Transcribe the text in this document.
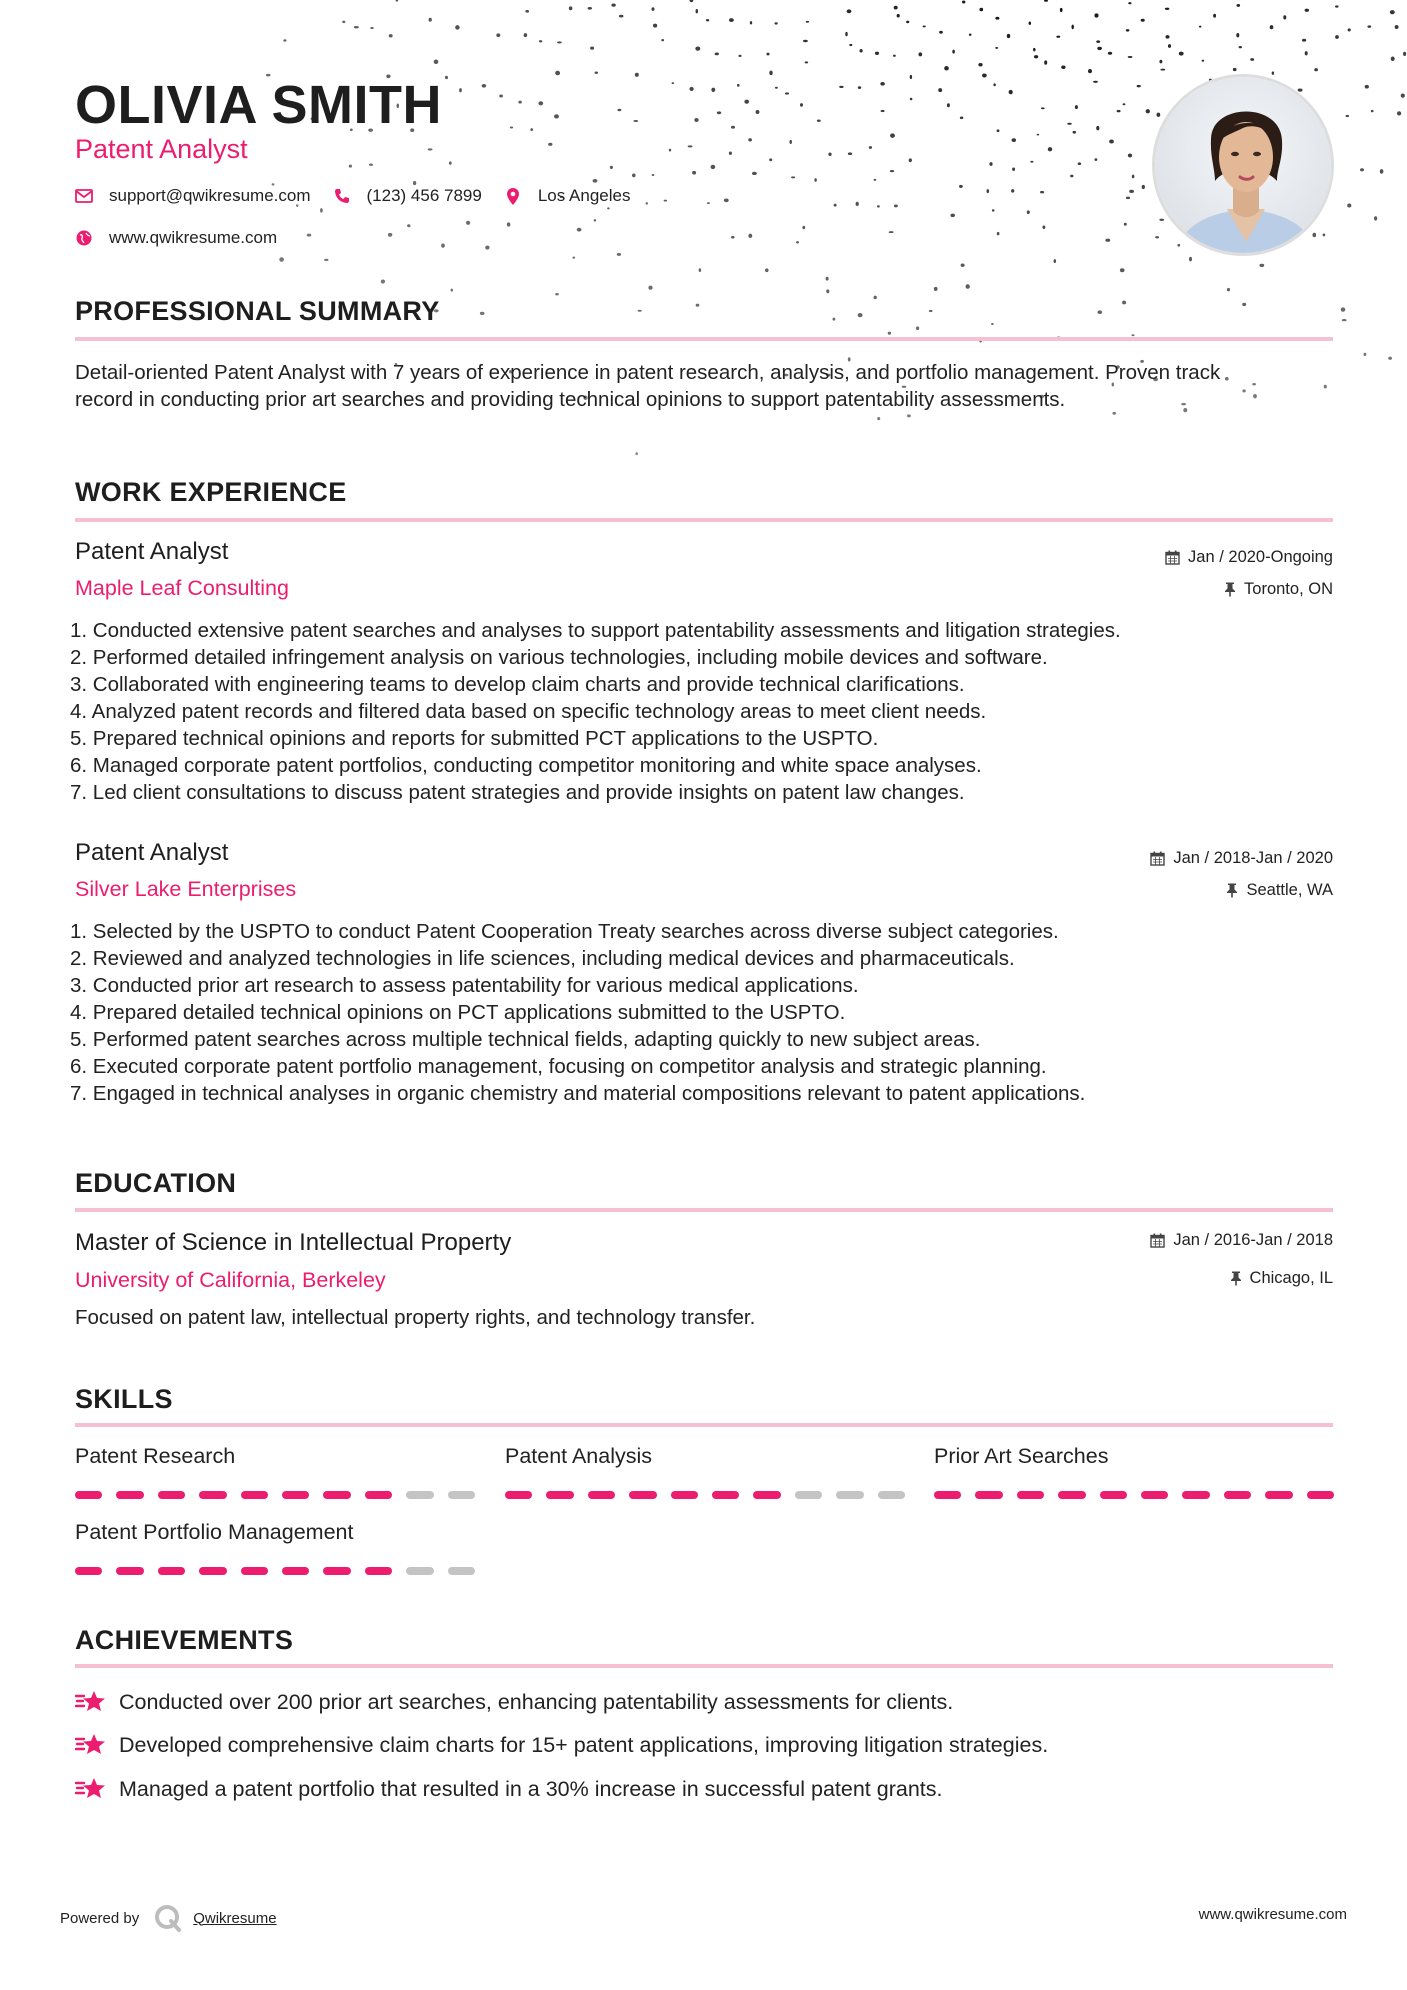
OLIVIA SMITH
Patent Analyst
support@qwikresume.com	(123) 456 7899	Los Angeles
www.qwikresume.com
PROFESSIONAL SUMMARY
Detail-oriented Patent Analyst with 7 years of experience in patent research, analysis, and portfolio management. Proven track record in conducting prior art searches and providing technical opinions to support patentability assessments.
WORK EXPERIENCE
Patent Analyst	Jan / 2020-Ongoing
Maple Leaf Consulting	Toronto, ON
1. Conducted extensive patent searches and analyses to support patentability assessments and litigation strategies.
2. Performed detailed infringement analysis on various technologies, including mobile devices and software.
3. Collaborated with engineering teams to develop claim charts and provide technical clarifications.
4. Analyzed patent records and filtered data based on specific technology areas to meet client needs.
5. Prepared technical opinions and reports for submitted PCT applications to the USPTO.
6. Managed corporate patent portfolios, conducting competitor monitoring and white space analyses.
7. Led client consultations to discuss patent strategies and provide insights on patent law changes.
Patent Analyst	Jan / 2018-Jan / 2020
Silver Lake Enterprises	Seattle, WA
1. Selected by the USPTO to conduct Patent Cooperation Treaty searches across diverse subject categories.
2. Reviewed and analyzed technologies in life sciences, including medical devices and pharmaceuticals.
3. Conducted prior art research to assess patentability for various medical applications.
4. Prepared detailed technical opinions on PCT applications submitted to the USPTO.
5. Performed patent searches across multiple technical fields, adapting quickly to new subject areas.
6. Executed corporate patent portfolio management, focusing on competitor analysis and strategic planning.
7. Engaged in technical analyses in organic chemistry and material compositions relevant to patent applications.
EDUCATION
Master of Science in Intellectual Property	Jan / 2016-Jan / 2018
University of California, Berkeley	Chicago, IL
Focused on patent law, intellectual property rights, and technology transfer.
SKILLS
Patent Research	Patent Analysis	Prior Art Searches
Patent Portfolio Management
ACHIEVEMENTS
Conducted over 200 prior art searches, enhancing patentability assessments for clients.
Developed comprehensive claim charts for 15+ patent applications, improving litigation strategies.
Managed a patent portfolio that resulted in a 30% increase in successful patent grants.
Powered by	Qwikresume	www.qwikresume.com
